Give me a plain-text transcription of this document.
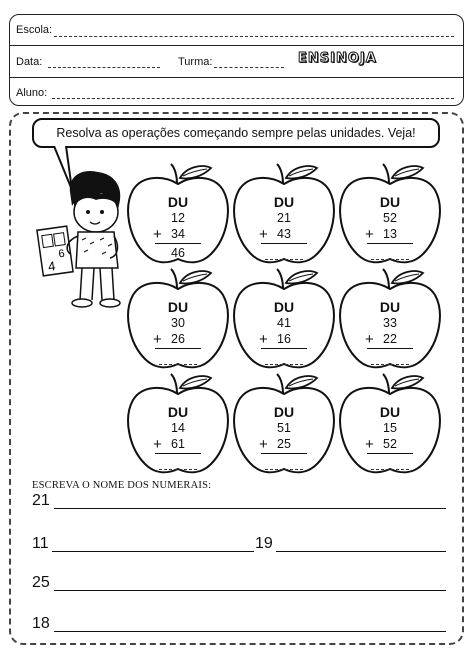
Escola:
Data:	Turma:	ENSINOJA
Aluno:
Resolva as operações começando sempre pelas unidades. Veja!
6
4
DU
12
+ 34
46
DU
21
+ 43
DU
52
+ 13
DU
30
+ 26
DU
41
+ 16
DU
33
+ 22
DU
14
+ 61
DU
51
+ 25
DU
15
+ 52
ESCREVA O NOME DOS NUMERAIS:
21
11	19
25
18
